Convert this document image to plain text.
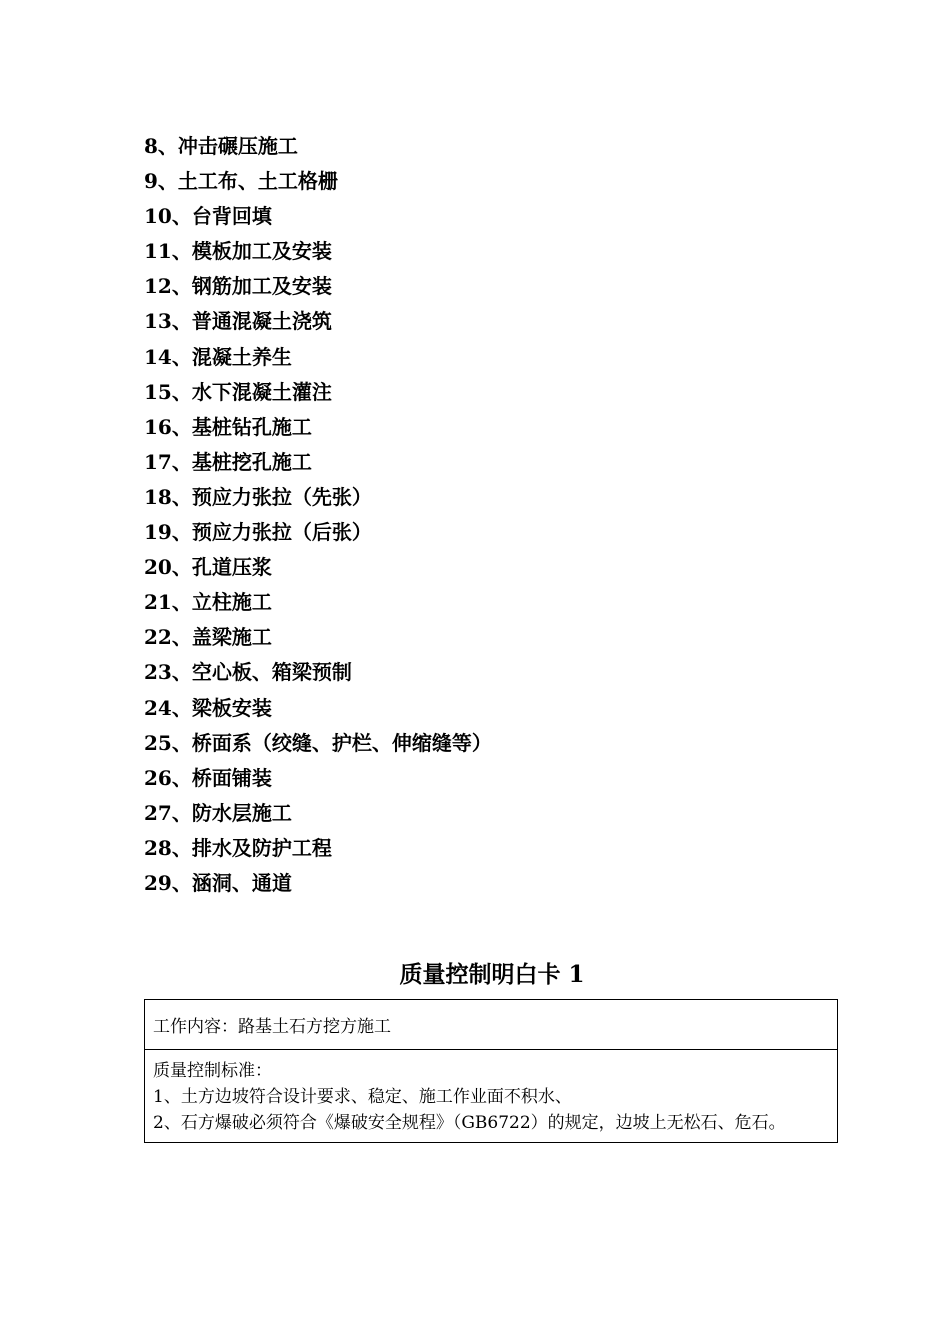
8、冲击碾压施工
9、土工布、土工格栅
10、台背回填
11、模板加工及安装
12、钢筋加工及安装
13、普通混凝土浇筑
14、混凝土养生
15、水下混凝土灌注
16、基桩钻孔施工
17、基桩挖孔施工
18、预应力张拉（先张）
19、预应力张拉（后张）
20、孔道压浆
21、立柱施工
22、盖梁施工
23、空心板、箱梁预制
24、梁板安装
25、桥面系（绞缝、护栏、伸缩缝等）
26、桥面铺装
27、防水层施工
28、排水及防护工程
29、涵洞、通道
质量控制明白卡 1
工作内容：路基土石方挖方施工
质量控制标准：
1、土方边坡符合设计要求、稳定、施工作业面不积水、
2、石方爆破必须符合《爆破安全规程》（GB6722）的规定，边坡上无松石、危石。
